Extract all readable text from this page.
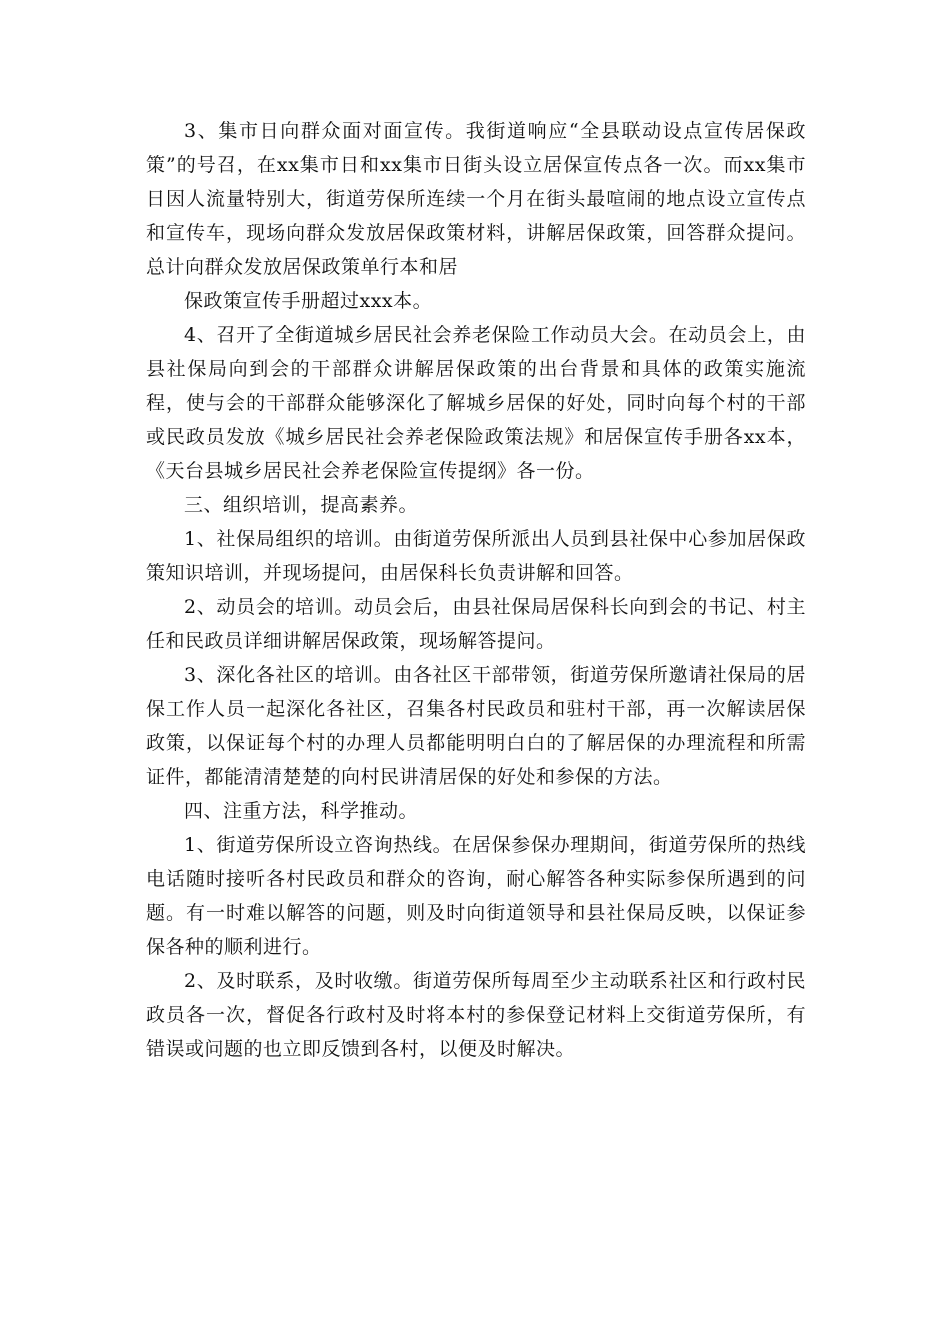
3、集市日向群众面对面宣传。我街道响应“全县联动设点宣传居保政策”的号召，在xx集市日和xx集市日街头设立居保宣传点各一次。而xx集市日因人流量特别大，街道劳保所连续一个月在街头最喧闹的地点设立宣传点和宣传车，现场向群众发放居保政策材料，讲解居保政策，回答群众提问。总计向群众发放居保政策单行本和居

保政策宣传手册超过xxx本。

4、召开了全街道城乡居民社会养老保险工作动员大会。在动员会上，由县社保局向到会的干部群众讲解居保政策的出台背景和具体的政策实施流程，使与会的干部群众能够深化了解城乡居保的好处，同时向每个村的干部或民政员发放《城乡居民社会养老保险政策法规》和居保宣传手册各xx本，《天台县城乡居民社会养老保险宣传提纲》各一份。

三、组织培训，提高素养。

1、社保局组织的培训。由街道劳保所派出人员到县社保中心参加居保政策知识培训，并现场提问，由居保科长负责讲解和回答。

2、动员会的培训。动员会后，由县社保局居保科长向到会的书记、村主任和民政员详细讲解居保政策，现场解答提问。

3、深化各社区的培训。由各社区干部带领，街道劳保所邀请社保局的居保工作人员一起深化各社区，召集各村民政员和驻村干部，再一次解读居保政策，以保证每个村的办理人员都能明明白白的了解居保的办理流程和所需证件，都能清清楚楚的向村民讲清居保的好处和参保的方法。

四、注重方法，科学推动。

1、街道劳保所设立咨询热线。在居保参保办理期间，街道劳保所的热线电话随时接听各村民政员和群众的咨询，耐心解答各种实际参保所遇到的问题。有一时难以解答的问题，则及时向街道领导和县社保局反映，以保证参保各种的顺利进行。

2、及时联系，及时收缴。街道劳保所每周至少主动联系社区和行政村民政员各一次，督促各行政村及时将本村的参保登记材料上交街道劳保所，有错误或问题的也立即反馈到各村，以便及时解决。
